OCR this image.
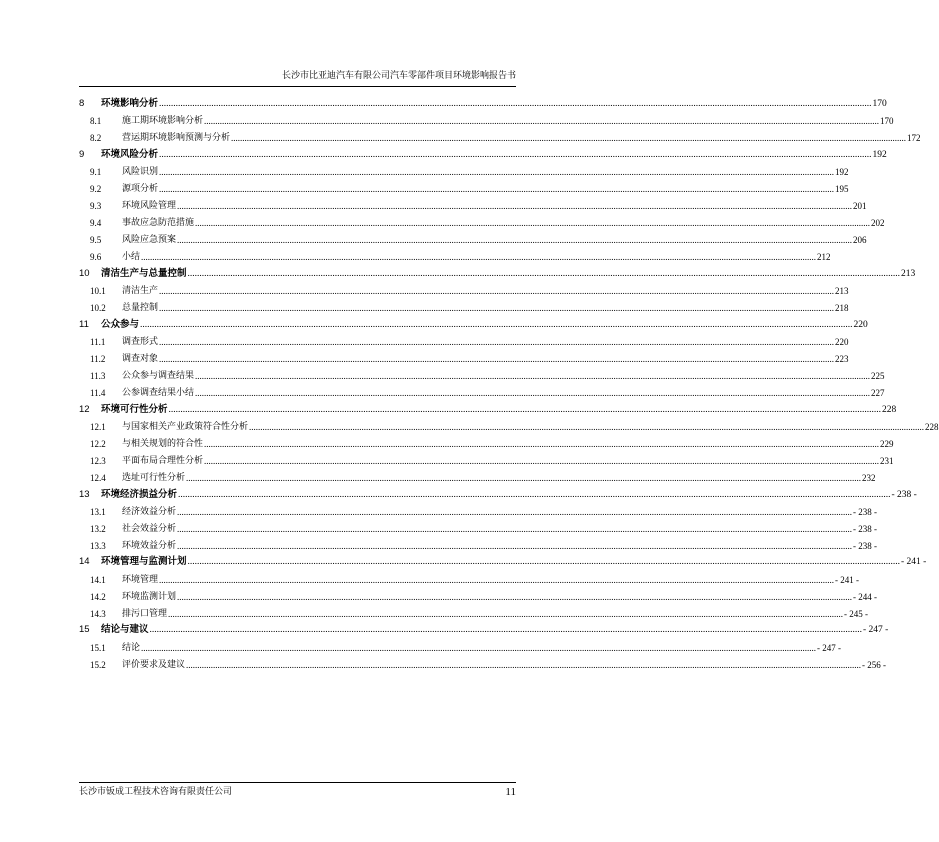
长沙市比亚迪汽车有限公司汽车零部件项目环境影响报告书
8	环境影响分析 ............................................................................................................................................................................................................................................................................................................ 170
8.1	施工期环境影响分析 ............................................................................................................................................................................................................................................................................................................ 170
8.2	营运期环境影响预测与分析 ............................................................................................................................................................................................................................................................................................................ 172
9	环境风险分析 ............................................................................................................................................................................................................................................................................................................ 192
9.1	风险识别 ............................................................................................................................................................................................................................................................................................................ 192
9.2	源项分析 ............................................................................................................................................................................................................................................................................................................ 195
9.3	环境风险管理 ............................................................................................................................................................................................................................................................................................................ 201
9.4	事故应急防范措施 ............................................................................................................................................................................................................................................................................................................ 202
9.5	风险应急预案 ............................................................................................................................................................................................................................................................................................................ 206
9.6	小结 ............................................................................................................................................................................................................................................................................................................ 212
10	清洁生产与总量控制 ............................................................................................................................................................................................................................................................................................................ 213
10.1	清洁生产 ............................................................................................................................................................................................................................................................................................................ 213
10.2	总量控制 ............................................................................................................................................................................................................................................................................................................ 218
11	公众参与 ............................................................................................................................................................................................................................................................................................................ 220
11.1	调查形式 ............................................................................................................................................................................................................................................................................................................ 220
11.2	调查对象 ............................................................................................................................................................................................................................................................................................................ 223
11.3	公众参与调查结果 ............................................................................................................................................................................................................................................................................................................ 225
11.4	公参调查结果小结 ............................................................................................................................................................................................................................................................................................................ 227
12	环境可行性分析 ............................................................................................................................................................................................................................................................................................................ 228
12.1	与国家相关产业政策符合性分析 ............................................................................................................................................................................................................................................................................................................ 228
12.2	与相关规划的符合性 ............................................................................................................................................................................................................................................................................................................ 229
12.3	平面布局合理性分析 ............................................................................................................................................................................................................................................................................................................ 231
12.4	选址可行性分析 ............................................................................................................................................................................................................................................................................................................ 232
13	环境经济损益分析 ............................................................................................................................................................................................................................................................................................................ - 238 -
13.1	经济效益分析 ............................................................................................................................................................................................................................................................................................................ - 238 -
13.2	社会效益分析 ............................................................................................................................................................................................................................................................................................................ - 238 -
13.3	环境效益分析 ............................................................................................................................................................................................................................................................................................................ - 238 -
14	环境管理与监测计划 ............................................................................................................................................................................................................................................................................................................ - 241 -
14.1	环境管理 ............................................................................................................................................................................................................................................................................................................ - 241 -
14.2	环境监测计划 ............................................................................................................................................................................................................................................................................................................ - 244 -
14.3	排污口管理 ............................................................................................................................................................................................................................................................................................................ - 245 -
15	结论与建议 ............................................................................................................................................................................................................................................................................................................ - 247 -
15.1	结论 ............................................................................................................................................................................................................................................................................................................ - 247 -
15.2	评价要求及建议 ............................................................................................................................................................................................................................................................................................................ - 256 -
长沙市钣成工程技术咨询有限责任公司	11
